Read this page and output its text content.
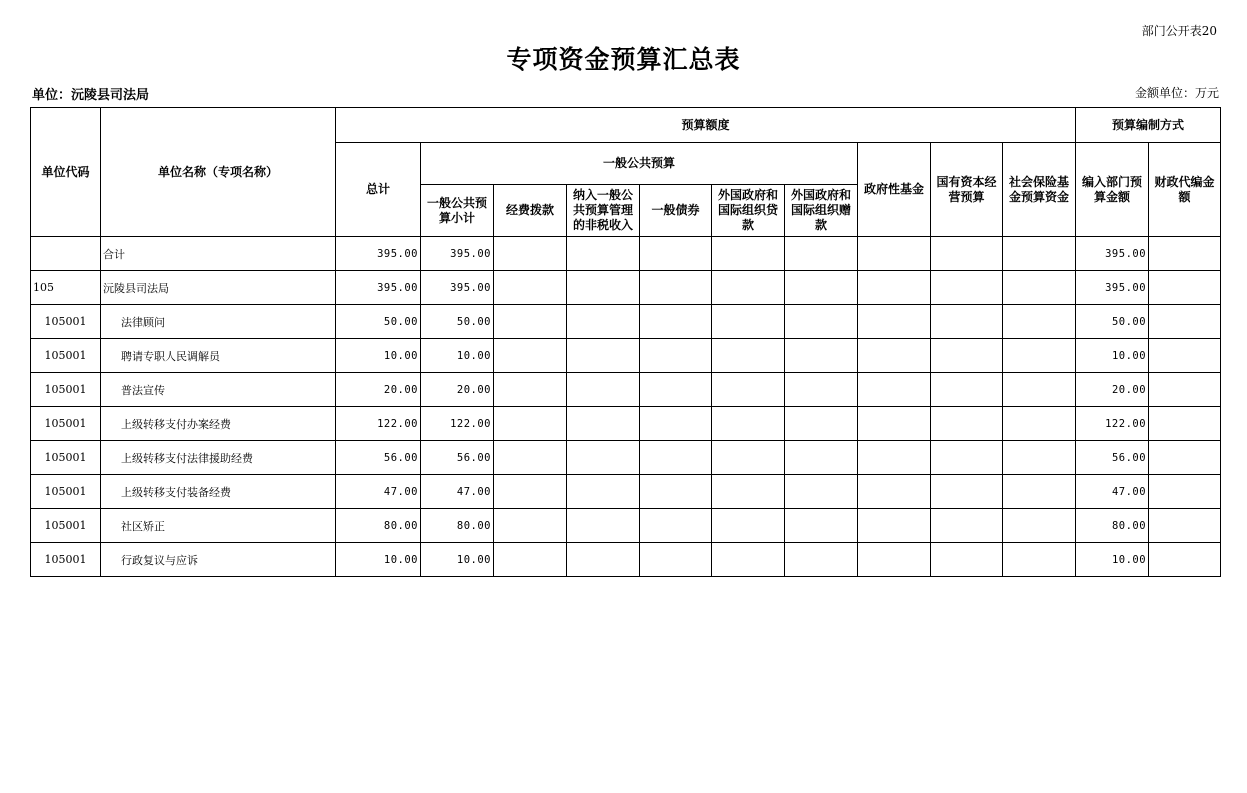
部门公开表20
专项资金预算汇总表
单位：沅陵县司法局	金额单位：万元
单位代码	单位名称（专项名称）	预算额度										预算编制方式	
		总计	一般公共预算						政府性基金	国有资本经营预算	社会保险基金预算资金	编入部门预算金额	财政代编金额
			一般公共预算小计	经费拨款	纳入一般公共预算管理的非税收入	一般债券	外国政府和国际组织贷款	外国政府和国际组织赠款					
	合计	395.00	395.00									395.00	
105	沅陵县司法局	395.00	395.00									395.00	
105001	法律顾问	50.00	50.00									50.00	
105001	聘请专职人民调解员	10.00	10.00									10.00	
105001	普法宣传	20.00	20.00									20.00	
105001	上级转移支付办案经费	122.00	122.00									122.00	
105001	上级转移支付法律援助经费	56.00	56.00									56.00	
105001	上级转移支付装备经费	47.00	47.00									47.00	
105001	社区矫正	80.00	80.00									80.00	
105001	行政复议与应诉	10.00	10.00									10.00	
